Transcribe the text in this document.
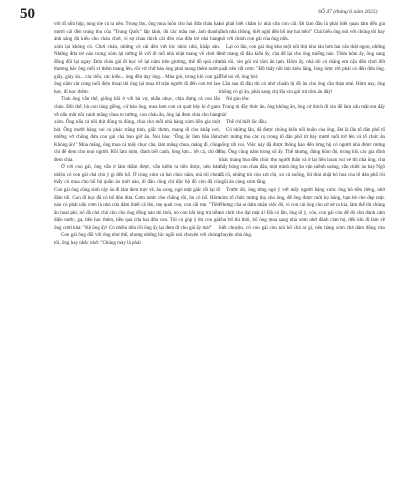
50	SỐ 47 (tháng 6 năm 2025)

với dĩ nữa hộp, tung tóe cả ra nền. Trung thu, ông mua luôn cho hai đứa cháu hai mươi cái đèn trung thu của "Trung Quốc" lấp lánh, đủ các mầu mè, ánh thanh, ánh sáng đủ kiểu cho cháu chơi, vì sợ cháu thích cái đèn của đứa trẻ nhà hàng xóm lại không có. Chơi chán, những vỏ cái đèn vứt lóc nhóc nhà, khắp sân. Những đứa trẻ nào trong xóm lại tưởng lẽ với đi mỗ nhà nhặt mang về chơi lẽ đồng đồi lại ngay. Đứa cháu gái đi học về lại năm trên giường, thế đồ quá cứu thương bắc ông mỗi vì thêm mang lên, rồi vở chữ bảo ông phải mang thêm nước, giấy, giày ăn... các tiểu, các kiểu... ông đều dạy ông... Mùa gió, trong khi con gái ông nằm vắt cùng tuổi điện thoại thì ông lại mua từ trận người đi đến con trẻ lan học, đi học thêm.

Tình ông vẫn thế, giống hồi ở với bà vợ, nhẫn nhục, chịu đựng cả con lẫn cháu. Đôi thể, bà con láng giềng, cứ bảo ông, mua hơn con cá quát bây kì ở gam về nấu một nồi canh măng chua to tướng, con cháu ăn, ông lại đem chia cho hàng xóm. Ông nấu cả nồi thịt đông to đùng, chia cho mỗi nhà hàng xóm liền gia một bát. Ông mười hàng vai cá phác trắng tinh, giấc thơm, mang đi cho khắp nơi, những vờ chồng đứa con gái chả bao giờ ăn. Nói bảo: "Ông ấy làm bần lắm. Không ăn!" Mùa măng, ông mua cá mấy chục cân, làm măng chua, măng đi, cũng chỉ để đem cho mọi người. Rồi làm nộm, đánh tiết canh, lòng lợn... tết cả, chỉ để đem chia.

Ở với con gái, ông vẫn ở làm thầm được, vẫn kiếm ra tiền được, nên bảo nhiều có con gái chả chủ ý gì đến bố. Ở cùng xóm cả hai chúc năm, mà tôi chưa thấy cô mua cho bố bộ quần áo mới nào, đi đâu cũng chỉ độc bộ đồ còn đã cũ. Con gái ông cũng sinh vậy áo đi làm đem trực về, ăn xong, ngủ một giấc rồi lại đi đâm tối. Con đi học đã có bố đón đưa. Cơm nước cho chồng rồi, ôn có bố. Hôm nào có phải nấu cơm là nhà cửa đâm thiết cả lên, mẹ quát con, con cãi mẹ. "Tiền ăn hoai phí, nó đã chủ chẳ cho cho ông đồng nào thì thôi, nó con bắt ông trả tiền điện nước, ga, tiền học thêm, tiền quà cửa hai đứa con. Tôi có góp ý thì con gái ông cười khà: "Kệ ông ấy! Có nhiều tiền rồi ông ấy lại đem đi cho gái ấy mà!"

Con gái ông đối với ông như thế, nhưng những lúc ngồi nói chuyện với chúng tôi, ông hay nhắc nhở: "Chúng mày là phải

nó phải biết chăm lo nhà cửa con cái. Đi làm đâu là phải biết quan tâm đến gia đình nhà chồng, biết nghĩ đến bố mẹ hai bên!" Chả hiểu ông nói với chúng tôi hay nói với chính con gái của ông nữa.

Lại có lần, con gái ông kho một nồi thịt kho tàu hơn hai cân thật ngon, những mỡ mang đi đâu kiếu ấy, chả để lại cho ông miếng nào. Thừa hôm ấy, ông sang nhà tôi, xin gói mì tôm ăn tạm. Hôm ấy, nhà tôi có thằng em cậu đến chơi đốt xuất nên rất cơm: "Đồ thấy nồi thịt kiêu lằng, lòng lược rời phải có đến đứa ông. Thế nó về, ông hỏi:

- Lần sau đi đâu thì có nhớ chuẩn bị đồ ăn cho ông cần thận nhé. Hôm nay, ông không có gì ăn, phải sang chị Hạ xin gói mì tôm ăn đấy!

Nó gào lên:

- Trung tủ đầy thức ăn, ông không ăn, ông cứ thích đi xin để làm xấu mặt em đấy mà!

Thế chỉ biết lắc đầu.

Có những lần, đã được chúng kiến nỗi buồn của ông. Đó là lần tổ dân phố tổ chức mừng thọ các cụ trong tổ dân phố từ bảy mươi tuổi trở lên và tổ chức ăn uống rất vui. Việc này đã được thông báo đến từng hộ có người nhà được mừng thọ. Ông cũng nằm trong số ấy. Thế nhưng, đúng hôm đó, trong khi các gia đình khác mang hoa đến chúc thọ người thân và ở lại liên hoan vui vẻ thì nhà ông, chả thấy bóng con cháu đâu, một mình ông ăn vận suềnh soàng, vẫn chiếc áo bay Ngô đã cũ, những túi còn xót chỉ, xỏ cả xuống, lủi thủi nhặt bó hoa của tổ dân phố rồi ngồi ăn cùng xóm tầng.

Trước đó, ông từng ngó ý với mấy người hàng xóm: ông bỏ tiền riêng, nhờ xóm tổ chức mừng thọ cho ông, để ông được mời họ hàng, bạn bè cho đẹp mặt. Nhưng chả ai dám nhận việc đó, vì con cái ông còn sờ sờ ra kia, làm thế thì chúng nó chửi cho đại mặt à? Đã có lần, ông tổ ý, còn, con gái còn để đó chủ dành cảm cho bố thì thôi, bố ông mua sang nhà xóm nhờ đánh cảm hộ, đến khi đi làm về biết chuyện, cô con gái còn nói bố chả ra gì, nên hàng xóm chả dám động vào chuyện nhà ông.
